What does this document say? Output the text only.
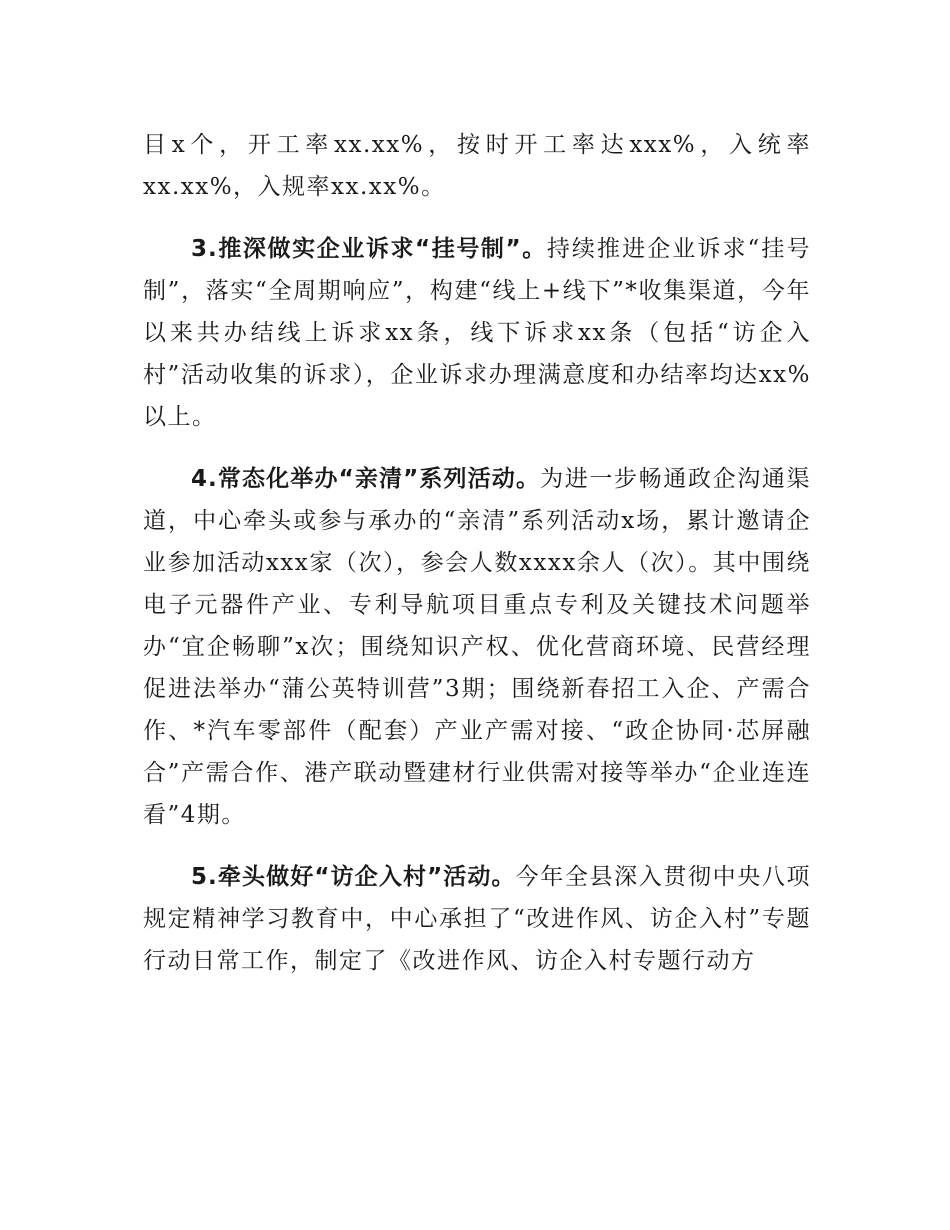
目x个，开工率xx.xx%，按时开工率达xxx%，入统率xx.xx%，入规率xx.xx%。

3.推深做实企业诉求“挂号制”。持续推进企业诉求“挂号制”，落实“全周期响应”，构建“线上+线下”*收集渠道，今年以来共办结线上诉求xx条，线下诉求xx条（包括“访企入村”活动收集的诉求），企业诉求办理满意度和办结率均达xx%以上。

4.常态化举办“亲清”系列活动。为进一步畅通政企沟通渠道，中心牵头或参与承办的“亲清”系列活动x场，累计邀请企业参加活动xxx家（次），参会人数xxxx余人（次）。其中围绕电子元器件产业、专利导航项目重点专利及关键技术问题举办“宜企畅聊”x次；围绕知识产权、优化营商环境、民营经理促进法举办“蒲公英特训营”3期；围绕新春招工入企、产需合作、*汽车零部件（配套）产业产需对接、“政企协同·芯屏融合”产需合作、港产联动暨建材行业供需对接等举办“企业连连看”4期。

5.牵头做好“访企入村”活动。今年全县深入贯彻中央八项规定精神学习教育中，中心承担了“改进作风、访企入村”专题行动日常工作，制定了《改进作风、访企入村专题行动方
